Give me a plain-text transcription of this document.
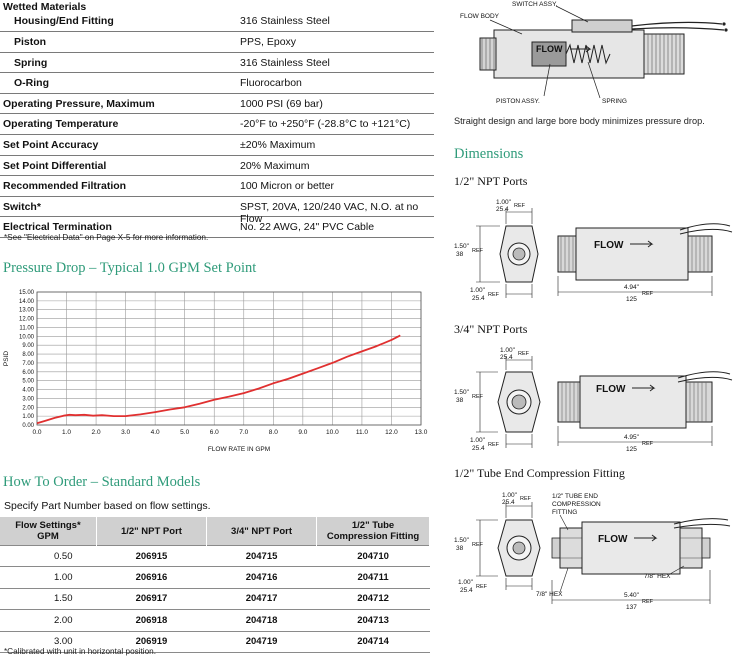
Wetted Materials
Housing/End Fitting	316 Stainless Steel
Piston	PPS, Epoxy
Spring	316 Stainless Steel
O-Ring	Fluorocarbon
Operating Pressure, Maximum	1000 PSI (69 bar)
Operating Temperature	-20°F to +250°F (-28.8°C to +121°C)
Set Point Accuracy	±20% Maximum
Set Point Differential	20% Maximum
Recommended Filtration	100 Micron or better
Switch*	SPST, 20VA, 120/240 VAC, N.O. at no Flow
Electrical Termination	No. 22 AWG, 24" PVC Cable
*See "Electrical Data" on Page X-5 for more information.
Pressure Drop – Typical 1.0 GPM Set Point
0.00
1.00
2.00
3.00
4.00
5.00
6.00
7.00
8.00
9.00
10.00
11.00
12.00
13.00
14.00
15.00
0.0	1.0	2.0	3.0	4.0	5.0	6.0	7.0	8.0	9.0	10.0	11.0	12.0	13.0
FLOW RATE IN GPM
PSID
How To Order – Standard Models
Specify Part Number based on flow settings.
Flow Settings*
GPM	1/2" NPT Port	3/4" NPT Port	1/2" Tube
Compression Fitting
0.50	206915	204715	204710
1.00	206916	204716	204711
1.50	206917	204717	204712
2.00	206918	204718	204713
3.00	206919	204719	204714
*Calibrated with unit in horizontal position.
FLOW
FLOW BODY
SWITCH ASSY.
PISTON ASSY.	SPRING
Straight design and large bore body minimizes pressure drop.
Dimensions
1/2" NPT Ports
1.00"
25.4 REF
1.50"
38 REF
1.00"
25.4 REF
FLOW
4.94"
125
REF
3/4" NPT Ports
1.00"
25.4 REF
1.50"
38 REF
1.00"
25.4 REF
FLOW
4.95"
125
REF
1/2" Tube End Compression Fitting
1.00"
25.4 REF
1.50"
38 REF
1.00"
25.4 REF
FLOW
1/2" TUBE END
COMPRESSION
FITTING
7/8" HEX
7/8" HEX	5.40"
137
REF
